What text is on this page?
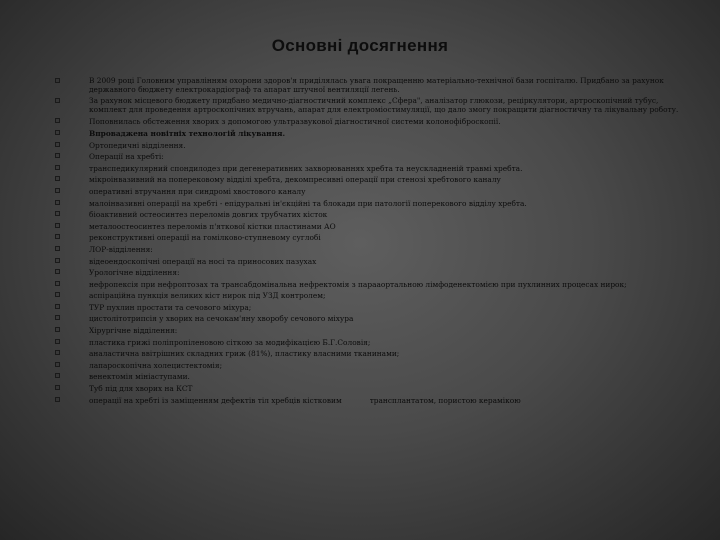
Основні досягнення
В 2009 році Головним управлінням охорони здоров'я приділялась увага покращенню матеріально-технічної бази госпіталю. Придбано за рахунок державного бюджету електрокардіограф та апарат штучної вентиляції легень.
За рахунок місцевого бюджету придбано медично-діагностичний комплекс „Сфера", аналізатор глюкози, реціркулятори, артроскопічний тубус, комплект для проведення артроскопічних втручань, апарат для електроміостимуляції, що дало змогу покращити діагностичну та лікувальну роботу.
Поповнилась обстеження хворих з допомогою ультразвукової діагностичної системи колонофіброскопії.
Впроваджена новітніх технологій лікування.
Ортопедичні відділення.
Операції на хребті:
транспедикулярний спондилодез при дегенеративних захворюваннях хребта та неускладненій травмі хребта.
мікроінвазивний на поперековому відділі хребта, декомпресивні операції при стенозі хребтового каналу
оперативні втручання при синдромі хвостового каналу
малоінвазивні операції на хребті - епідуральні ін'єкційні та блокади при патології поперекового відділу хребта.
біоактивний остеосинтез переломів довгих трубчатих кісток
металоостеосинтез переломів п'яткової кістки пластинами АО
реконструктивні операції на гомілково-ступневому суглобі
ЛОР-відділення:
відеоендоскопічні операції на носі та приносових пазухах
Урологічне відділення:
нефропексія при нефроптозах та трансабдомінальна нефректомія з парааортальною лімфоденектомією при пухлинних процесах нирок;
аспіраційна пункція великих кіст нирок під УЗД контролем;
ТУР пухлин простати та сечового міхура;
цистолітотрипсія у хворих на сечокам'яну хворобу сечового міхура
Хірургічне відділення:
пластика грижі поліпропіленовою сіткою за модифікацією Б.Г.Соловія;
аналастична ввітрішних складних гриж (81%), пластику власними тканинами;
лапароскопічна холецистектомія;
венектомія мініаступами.
Туб під для хворих на КСТ
операції на хребті із заміщенням дефектів тіл хребців кістковим	трансплантатом, пористою керамікою
